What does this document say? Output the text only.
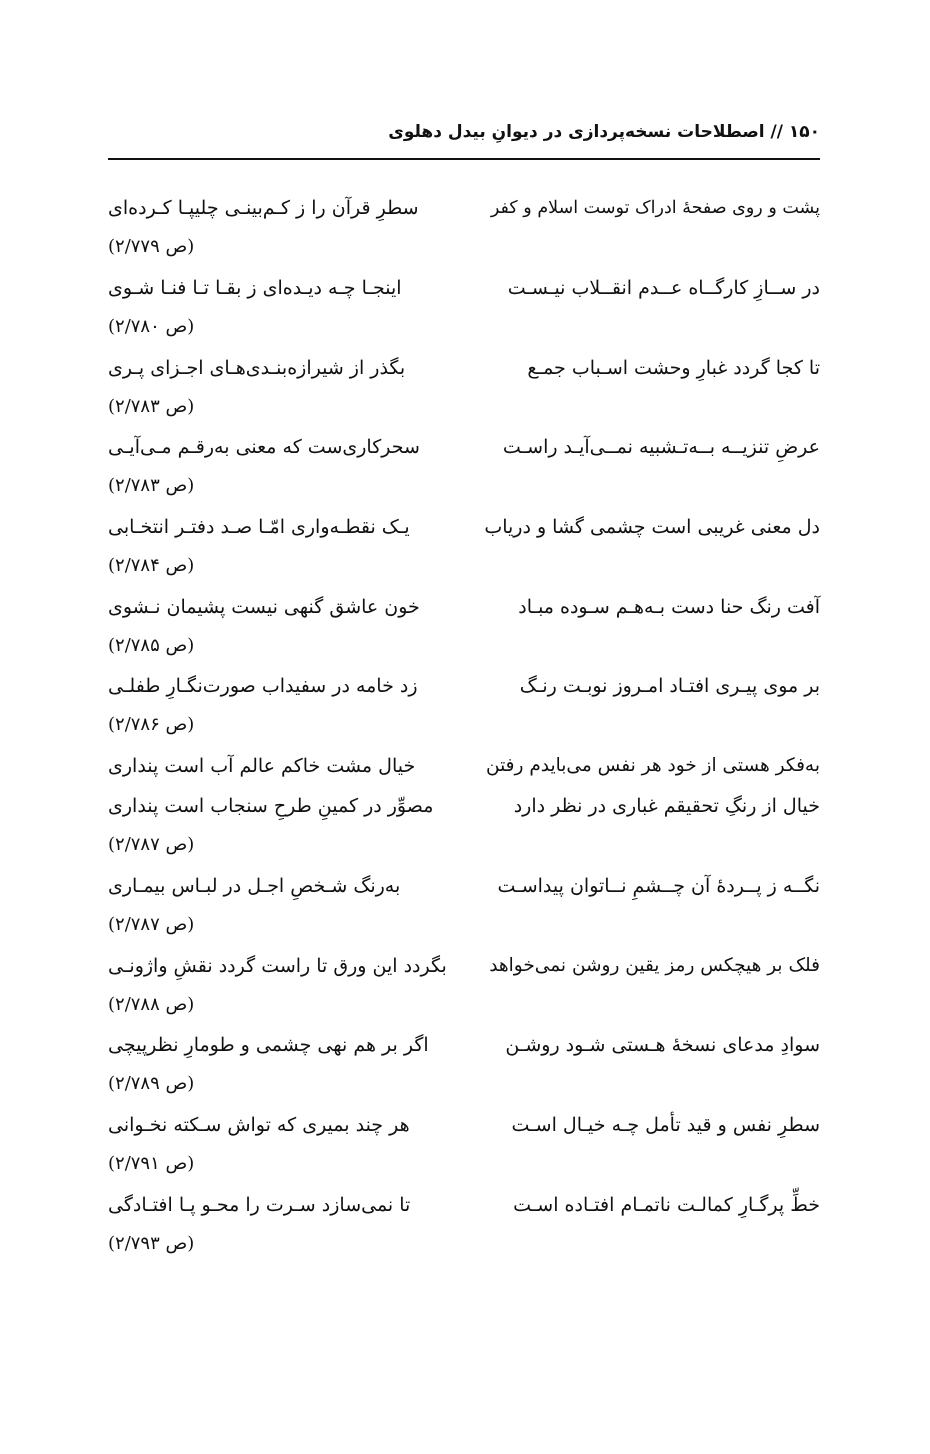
۱۵۰ // اصطلاحات نسخه‌پردازی در دیوانِ بیدل دهلوی
پشت و روی صفحهٔ ادراک توست اسلام و کفر
سطرِ قرآن را ز کـم‌بینـی چلیپـا کـرده‌ای
(ص ۲/۷۷۹)
در ســازِ کارگــاه عــدم انقــلاب نیـسـت
اینجـا چـه دیـده‌ای ز بقـا تـا فنـا شـوی
(ص ۲/۷۸۰)
تا کجا گردد غبارِ وحشت اسـباب جمـع
بگذر از شیرازه‌بنـدی‌هـای اجـزای پـری
(ص ۲/۷۸۳)
عرضِ تنزیــه بــه‌تـشبیه نمــی‌آیـد راسـت
سحرکاری‌ست که معنی به‌رقـم مـی‌آیـی
(ص ۲/۷۸۳)
دل معنی غریبی است چشمی گشا و دریاب
یـک نقطـه‌واری امّـا صـد دفتـر انتخـابی
(ص ۲/۷۸۴)
آفت رنگ حنا دست بـه‌هـم سـوده مبـاد
خون عاشق گنهی نیست پشیمان نـشوی
(ص ۲/۷۸۵)
بر موی پیـری افتـاد امـروز نوبـت رنـگ
زد خامه در سفیداب صورت‌نگـارِ طفلـی
(ص ۲/۷۸۶)
به‌فکر هستی از خود هر نفس می‌بایدم رفتن
خیال مشت خاکم عالم آب است پنداری
خیال از رنگِ تحقیقم غباری در نظر دارد
مصوِّر در کمینِ طرحِ سنجاب است پنداری
(ص ۲/۷۸۷)
نگــه ز پــردهٔ آن چــشمِ نــاتوان پیداسـت
به‌رنگ شـخصِ اجـل در لبـاس بیمـاری
(ص ۲/۷۸۷)
فلک بر هیچکس رمز یقین روشن نمی‌خواهد
بگردد این ورق تا راست گردد نقشِ واژونـی
(ص ۲/۷۸۸)
سوادِ مدعای نسخهٔ هـستی شـود روشـن
اگر بر هم نهی چشمی و طومارِ نظرپیچی
(ص ۲/۷۸۹)
سطرِ نفس و قید تأمل چـه خیـال اسـت
هر چند بمیری که تواش سـکته نخـوانی
(ص ۲/۷۹۱)
خطِّ پرگـارِ کمالـت ناتمـام افتـاده اسـت
تا نمی‌سازد سـرت را محـو پـا افتـادگی
(ص ۲/۷۹۳)
